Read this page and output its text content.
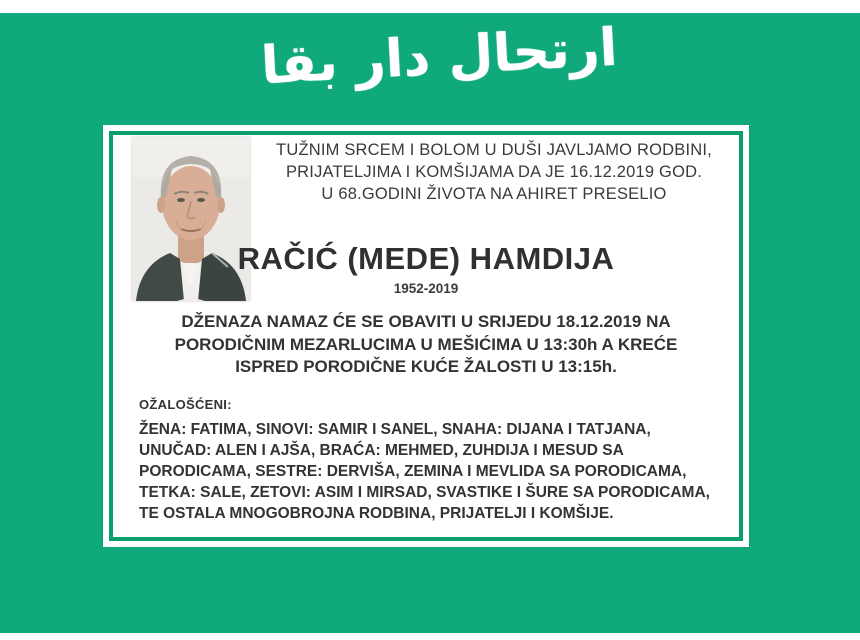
ارتحال دار بقا
TUŽNIM SRCEM I BOLOM U DUŠI JAVLJAMO RODBINI,
PRIJATELJIMA I KOMŠIJAMA DA JE 16.12.2019 GOD.
U 68.GODINI ŽIVOTA NA AHIRET PRESELIO
RAČIĆ (MEDE) HAMDIJA
1952-2019
DŽENAZA NAMAZ ĆE SE OBAVITI U SRIJEDU 18.12.2019 NA
PORODIČNIM MEZARLUCIMA U MEŠIĆIMA U 13:30h A KREĆE
ISPRED PORODIČNE KUĆE ŽALOSTI U 13:15h.
OŽALOŠĆENI:
ŽENA: FATIMA, SINOVI: SAMIR I SANEL, SNAHA: DIJANA I TATJANA,
UNUČAD: ALEN I AJŠA, BRAĆA: MEHMED, ZUHDIJA I MESUD SA
PORODICAMA, SESTRE: DERVIŠA, ZEMINA I MEVLIDA SA PORODICAMA,
TETKA: SALE, ZETOVI: ASIM I MIRSAD, SVASTIKE I ŠURE SA PORODICAMA,
TE OSTALA MNOGOBROJNA RODBINA, PRIJATELJI I KOMŠIJE.
